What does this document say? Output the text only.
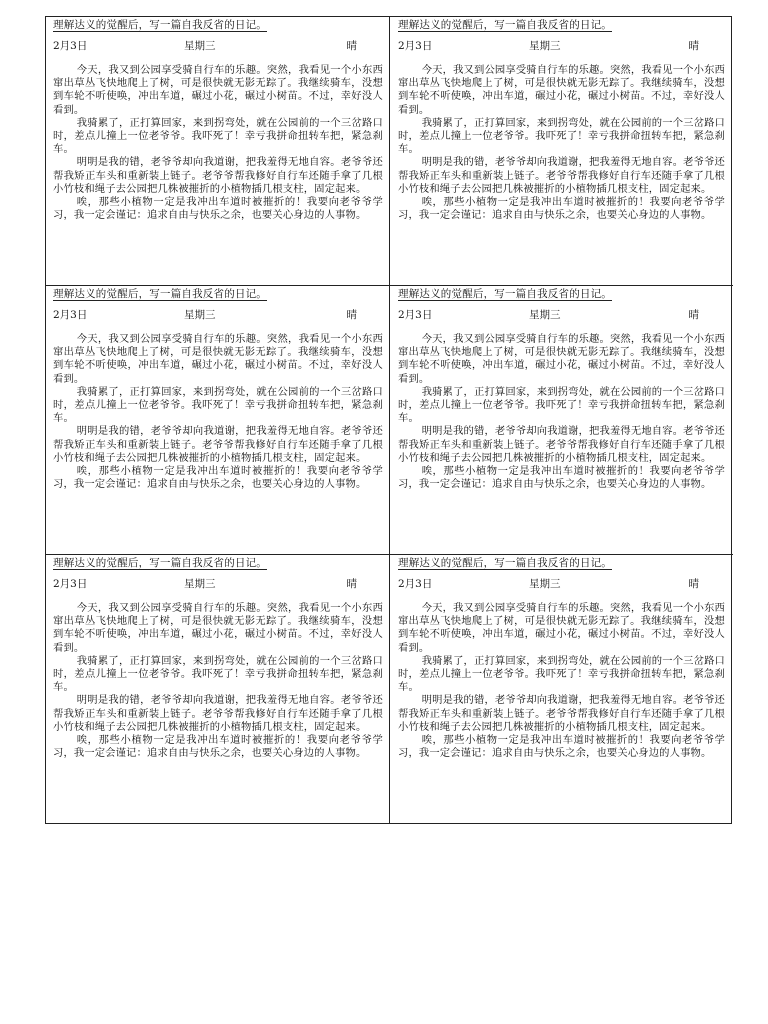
理解达义的觉醒后，写一篇自我反省的日记。
2月3日	星期三	晴

今天，我又到公园享受骑自行车的乐趣。突然，我看见一个小东西窜出草丛飞快地爬上了树，可是很快就无影无踪了。我继续骑车，没想到车轮不听使唤，冲出车道，碾过小花，碾过小树苗。不过，幸好没人看到。

我骑累了，正打算回家，来到拐弯处，就在公园前的一个三岔路口时，差点儿撞上一位老爷爷。我吓死了！幸亏我拼命扭转车把，紧急刹车。

明明是我的错，老爷爷却向我道谢，把我羞得无地自容。老爷爷还帮我矫正车头和重新装上链子。老爷爷帮我修好自行车还随手拿了几根小竹枝和绳子去公园把几株被摧折的小植物插几根支柱，固定起来。

唉，那些小植物一定是我冲出车道时被摧折的！我要向老爷爷学习，我一定会谨记：追求自由与快乐之余，也要关心身边的人事物。

理解达义的觉醒后，写一篇自我反省的日记。
2月3日	星期三	晴

今天，我又到公园享受骑自行车的乐趣。突然，我看见一个小东西窜出草丛飞快地爬上了树，可是很快就无影无踪了。我继续骑车，没想到车轮不听使唤，冲出车道，碾过小花，碾过小树苗。不过，幸好没人看到。

我骑累了，正打算回家，来到拐弯处，就在公园前的一个三岔路口时，差点儿撞上一位老爷爷。我吓死了！幸亏我拼命扭转车把，紧急刹车。

明明是我的错，老爷爷却向我道谢，把我羞得无地自容。老爷爷还帮我矫正车头和重新装上链子。老爷爷帮我修好自行车还随手拿了几根小竹枝和绳子去公园把几株被摧折的小植物插几根支柱，固定起来。

唉，那些小植物一定是我冲出车道时被摧折的！我要向老爷爷学习，我一定会谨记：追求自由与快乐之余，也要关心身边的人事物。

理解达义的觉醒后，写一篇自我反省的日记。
2月3日	星期三	晴

今天，我又到公园享受骑自行车的乐趣。突然，我看见一个小东西窜出草丛飞快地爬上了树，可是很快就无影无踪了。我继续骑车，没想到车轮不听使唤，冲出车道，碾过小花，碾过小树苗。不过，幸好没人看到。

我骑累了，正打算回家，来到拐弯处，就在公园前的一个三岔路口时，差点儿撞上一位老爷爷。我吓死了！幸亏我拼命扭转车把，紧急刹车。

明明是我的错，老爷爷却向我道谢，把我羞得无地自容。老爷爷还帮我矫正车头和重新装上链子。老爷爷帮我修好自行车还随手拿了几根小竹枝和绳子去公园把几株被摧折的小植物插几根支柱，固定起来。

唉，那些小植物一定是我冲出车道时被摧折的！我要向老爷爷学习，我一定会谨记：追求自由与快乐之余，也要关心身边的人事物。

理解达义的觉醒后，写一篇自我反省的日记。
2月3日	星期三	晴

今天，我又到公园享受骑自行车的乐趣。突然，我看见一个小东西窜出草丛飞快地爬上了树，可是很快就无影无踪了。我继续骑车，没想到车轮不听使唤，冲出车道，碾过小花，碾过小树苗。不过，幸好没人看到。

我骑累了，正打算回家，来到拐弯处，就在公园前的一个三岔路口时，差点儿撞上一位老爷爷。我吓死了！幸亏我拼命扭转车把，紧急刹车。

明明是我的错，老爷爷却向我道谢，把我羞得无地自容。老爷爷还帮我矫正车头和重新装上链子。老爷爷帮我修好自行车还随手拿了几根小竹枝和绳子去公园把几株被摧折的小植物插几根支柱，固定起来。

唉，那些小植物一定是我冲出车道时被摧折的！我要向老爷爷学习，我一定会谨记：追求自由与快乐之余，也要关心身边的人事物。

理解达义的觉醒后，写一篇自我反省的日记。
2月3日	星期三	晴

今天，我又到公园享受骑自行车的乐趣。突然，我看见一个小东西窜出草丛飞快地爬上了树，可是很快就无影无踪了。我继续骑车，没想到车轮不听使唤，冲出车道，碾过小花，碾过小树苗。不过，幸好没人看到。

我骑累了，正打算回家，来到拐弯处，就在公园前的一个三岔路口时，差点儿撞上一位老爷爷。我吓死了！幸亏我拼命扭转车把，紧急刹车。

明明是我的错，老爷爷却向我道谢，把我羞得无地自容。老爷爷还帮我矫正车头和重新装上链子。老爷爷帮我修好自行车还随手拿了几根小竹枝和绳子去公园把几株被摧折的小植物插几根支柱，固定起来。

唉，那些小植物一定是我冲出车道时被摧折的！我要向老爷爷学习，我一定会谨记：追求自由与快乐之余，也要关心身边的人事物。

理解达义的觉醒后，写一篇自我反省的日记。
2月3日	星期三	晴

今天，我又到公园享受骑自行车的乐趣。突然，我看见一个小东西窜出草丛飞快地爬上了树，可是很快就无影无踪了。我继续骑车，没想到车轮不听使唤，冲出车道，碾过小花，碾过小树苗。不过，幸好没人看到。

我骑累了，正打算回家，来到拐弯处，就在公园前的一个三岔路口时，差点儿撞上一位老爷爷。我吓死了！幸亏我拼命扭转车把，紧急刹车。

明明是我的错，老爷爷却向我道谢，把我羞得无地自容。老爷爷还帮我矫正车头和重新装上链子。老爷爷帮我修好自行车还随手拿了几根小竹枝和绳子去公园把几株被摧折的小植物插几根支柱，固定起来。

唉，那些小植物一定是我冲出车道时被摧折的！我要向老爷爷学习，我一定会谨记：追求自由与快乐之余，也要关心身边的人事物。
